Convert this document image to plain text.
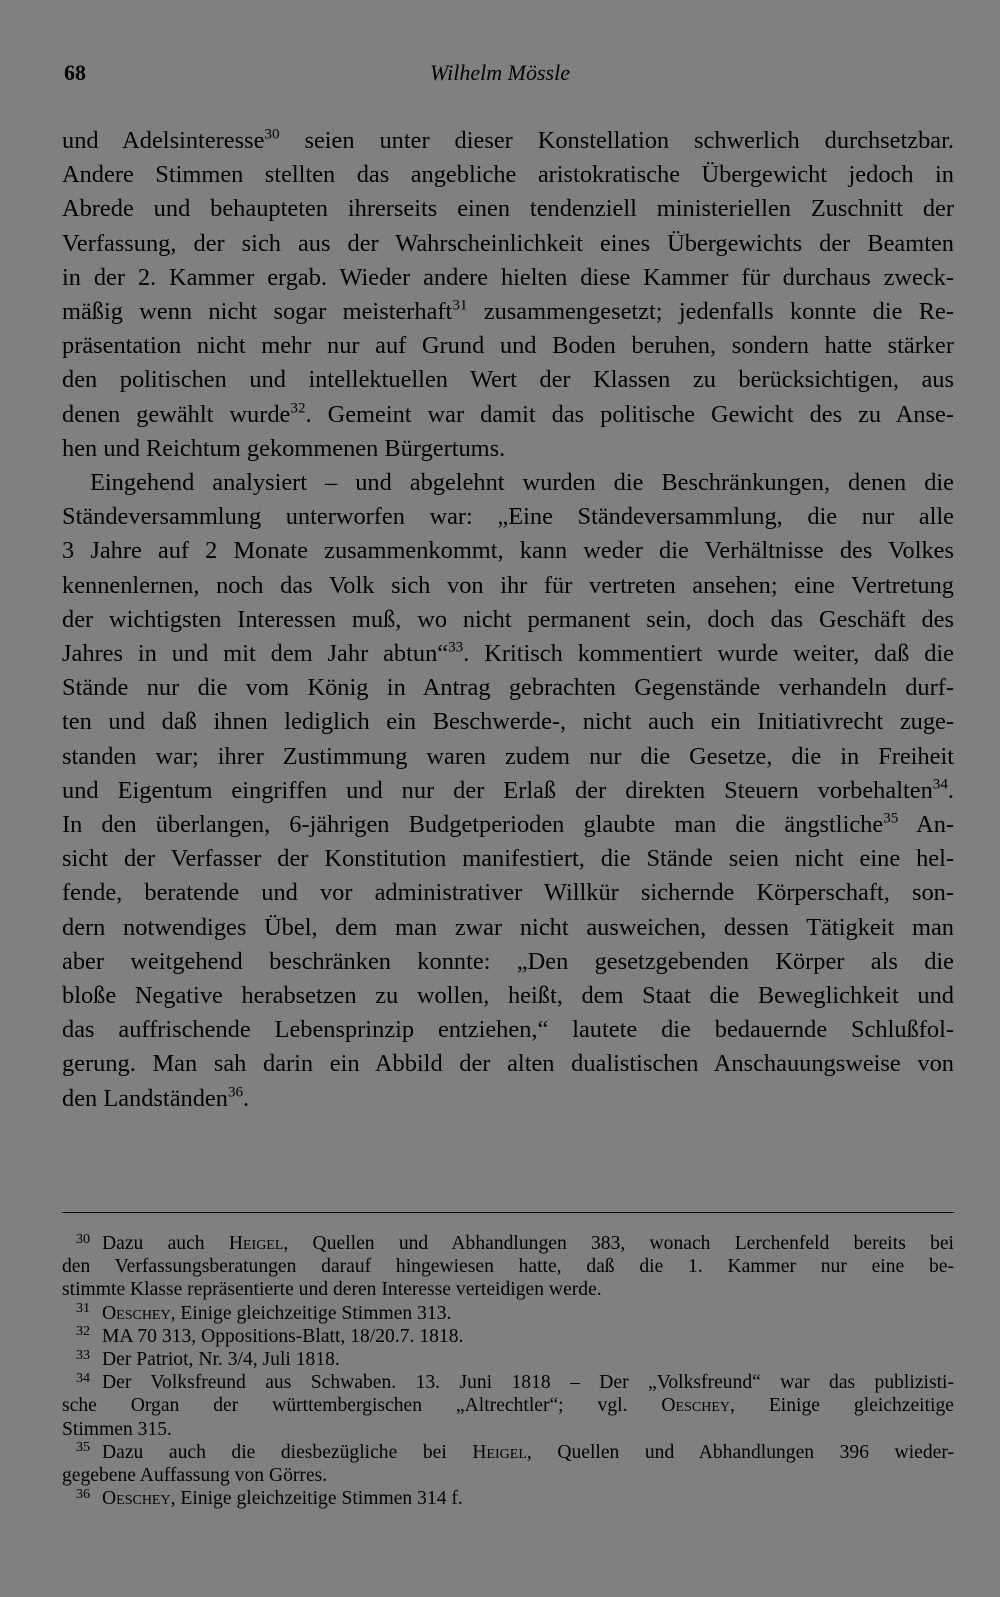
68	Wilhelm Mössle
und Adelsinteresse$^{30}$ seien unter dieser Konstellation schwerlich durchsetzbar.
Andere Stimmen stellten das angebliche aristokratische Übergewicht jedoch in
Abrede und behaupteten ihrerseits einen tendenziell ministeriellen Zuschnitt der
Verfassung, der sich aus der Wahrscheinlichkeit eines Übergewichts der Beamten
in der 2. Kammer ergab. Wieder andere hielten diese Kammer für durchaus zweck-
mäßig wenn nicht sogar meisterhaft$^{31}$ zusammengesetzt; jedenfalls konnte die Re-
präsentation nicht mehr nur auf Grund und Boden beruhen, sondern hatte stärker
den politischen und intellektuellen Wert der Klassen zu berücksichtigen, aus
denen gewählt wurde$^{32}$. Gemeint war damit das politische Gewicht des zu Anse-
hen und Reichtum gekommenen Bürgertums.
Eingehend analysiert – und abgelehnt wurden die Beschränkungen, denen die
Ständeversammlung unterworfen war: „Eine Ständeversammlung, die nur alle
3 Jahre auf 2 Monate zusammenkommt, kann weder die Verhältnisse des Volkes
kennenlernen, noch das Volk sich von ihr für vertreten ansehen; eine Vertretung
der wichtigsten Interessen muß, wo nicht permanent sein, doch das Geschäft des
Jahres in und mit dem Jahr abtun“$^{33}$. Kritisch kommentiert wurde weiter, daß die
Stände nur die vom König in Antrag gebrachten Gegenstände verhandeln durf-
ten und daß ihnen lediglich ein Beschwerde-, nicht auch ein Initiativrecht zuge-
standen war; ihrer Zustimmung waren zudem nur die Gesetze, die in Freiheit
und Eigentum eingriffen und nur der Erlaß der direkten Steuern vorbehalten$^{34}$.
In den überlangen, 6-jährigen Budgetperioden glaubte man die ängstliche$^{35}$ An-
sicht der Verfasser der Konstitution manifestiert, die Stände seien nicht eine hel-
fende, beratende und vor administrativer Willkür sichernde Körperschaft, son-
dern notwendiges Übel, dem man zwar nicht ausweichen, dessen Tätigkeit man
aber weitgehend beschränken konnte: „Den gesetzgebenden Körper als die
bloße Negative herabsetzen zu wollen, heißt, dem Staat die Beweglichkeit und
das auffrischende Lebensprinzip entziehen,“ lautete die bedauernde Schlußfol-
gerung. Man sah darin ein Abbild der alten dualistischen Anschauungsweise von
den Landständen$^{36}$.
30 Dazu auch Heigel, Quellen und Abhandlungen 383, wonach Lerchenfeld bereits bei
den Verfassungsberatungen darauf hingewiesen hatte, daß die 1. Kammer nur eine be-
stimmte Klasse repräsentierte und deren Interesse verteidigen werde.
31 Oeschey, Einige gleichzeitige Stimmen 313.
32 MA 70 313, Oppositions-Blatt, 18/20.7. 1818.
33 Der Patriot, Nr. 3/4, Juli 1818.
34 Der Volksfreund aus Schwaben. 13. Juni 1818 – Der „Volksfreund“ war das publizisti-
sche Organ der württembergischen „Altrechtler“; vgl. Oeschey, Einige gleichzeitige
Stimmen 315.
35 Dazu auch die diesbezügliche bei Heigel, Quellen und Abhandlungen 396 wieder-
gegebene Auffassung von Görres.
36 Oeschey, Einige gleichzeitige Stimmen 314 f.
